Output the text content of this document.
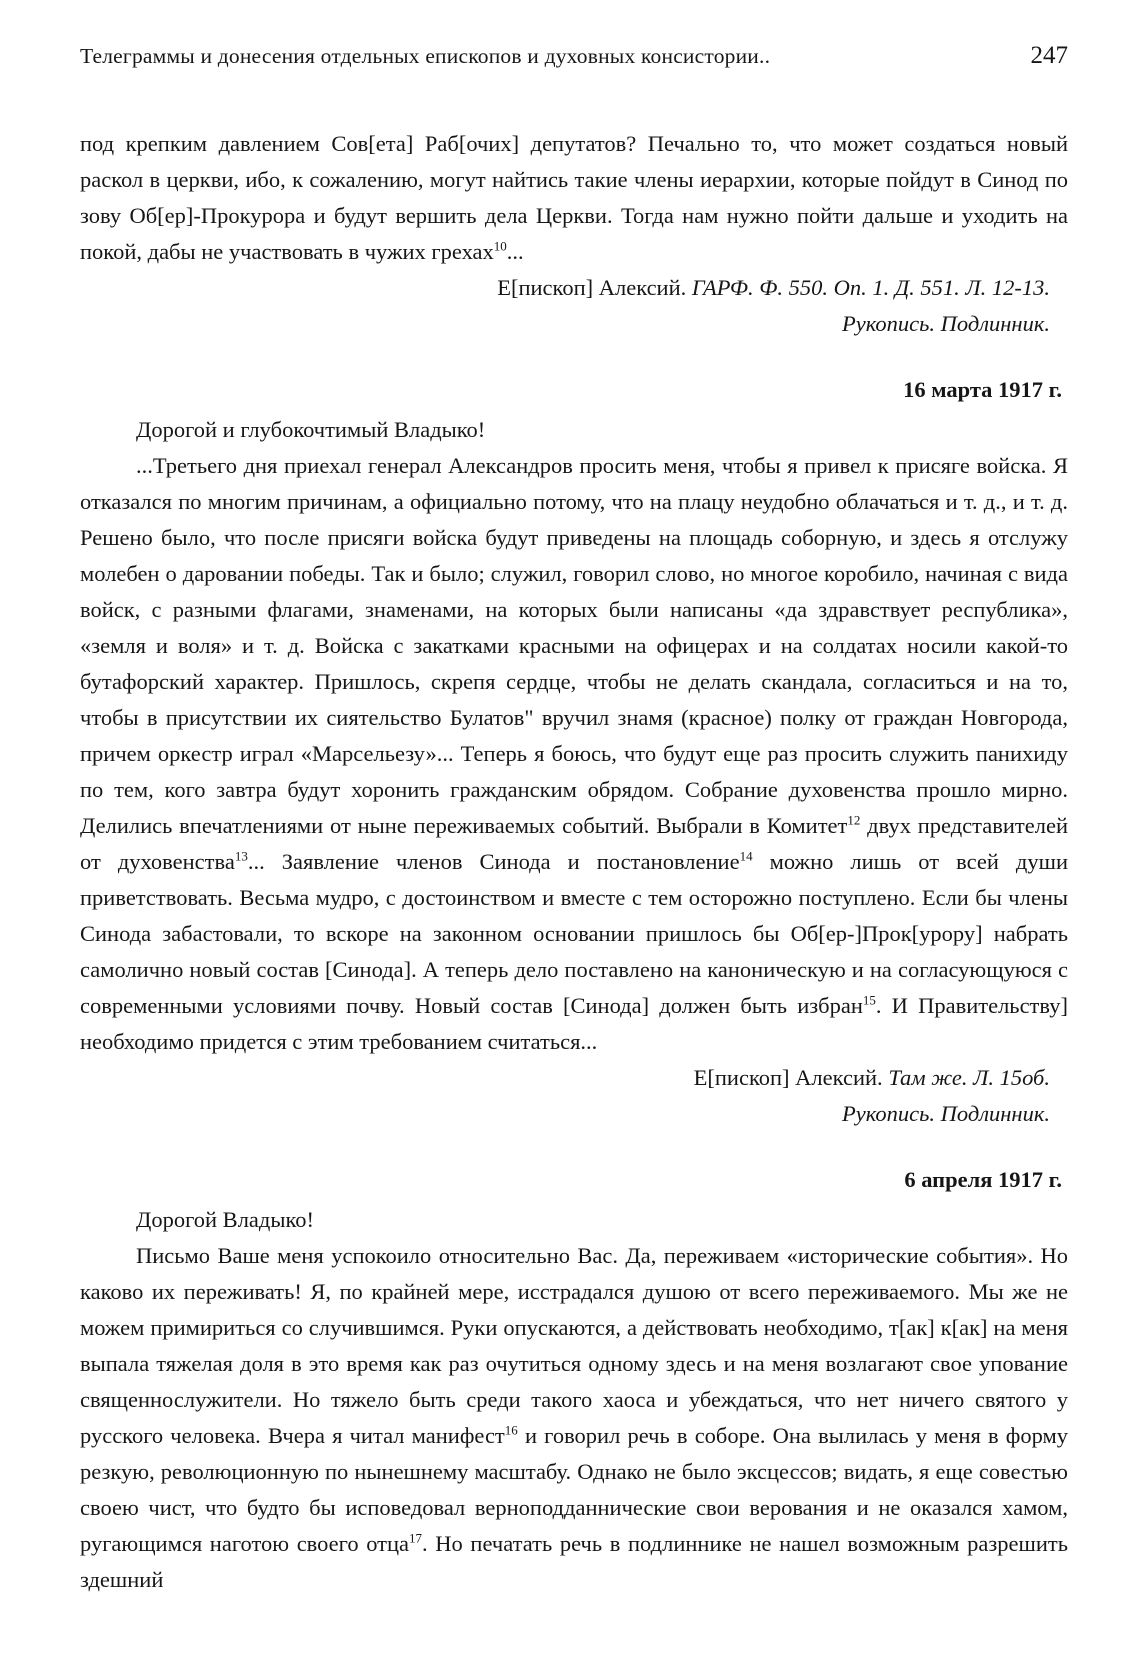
Телеграммы и донесения отдельных епископов и духовных консистории..	247

под крепким давлением Сов[ета] Раб[очих] депутатов? Печально то, что может создаться новый раскол в церкви, ибо, к сожалению, могут найтись такие члены иерархии, которые пойдут в Синод по зову Об[ер]-Прокурора и будут вершить дела Церкви. Тогда нам нужно пойти дальше и уходить на покой, дабы не участвовать в чужих грехах$^{10}$...

Е[пископ] Алексий. ГАРФ. Ф. 550. Оп. 1. Д. 551. Л. 12-13.
Рукопись. Подлинник.

16 марта 1917 г.

Дорогой и глубокочтимый Владыко!

...Третьего дня приехал генерал Александров просить меня, чтобы я привел к присяге войска. Я отказался по многим причинам, а официально потому, что на плацу неудобно облачаться и т. д., и т. д. Решено было, что после присяги войска будут приведены на площадь соборную, и здесь я отслужу молебен о даровании победы. Так и было; служил, говорил слово, но многое коробило, начиная с вида войск, с разными флагами, знаменами, на которых были написаны «да здравствует республика», «земля и воля» и т. д. Войска с закатками красными на офицерах и на солдатах носили какой-то бутафорский характер. Пришлось, скрепя сердце, чтобы не делать скандала, согласиться и на то, чтобы в присутствии их сиятельство Булатов" вручил знамя (красное) полку от граждан Новгорода, причем оркестр играл «Марсельезу»... Теперь я боюсь, что будут еще раз просить служить панихиду по тем, кого завтра будут хоронить гражданским обрядом. Собрание духовенства прошло мирно. Делились впечатлениями от ныне переживаемых событий. Выбрали в Комитет$^{12}$ двух представителей от духовенства$^{13}$... Заявление членов Синода и постановление$^{14}$ можно лишь от всей души приветствовать. Весьма мудро, с достоинством и вместе с тем осторожно поступлено. Если бы члены Синода забастовали, то вскоре на законном основании пришлось бы Об[ер-]Прок[урору] набрать самолично новый состав [Синода]. А теперь дело поставлено на каноническую и на согласующуюся с современными условиями почву. Новый состав [Синода] должен быть избран$^{15}$. И Правительству] необходимо придется с этим требованием считаться...

Е[пископ] Алексий. Там же. Л. 15об.
Рукопись. Подлинник.

6 апреля 1917 г.

Дорогой Владыко!

Письмо Ваше меня успокоило относительно Вас. Да, переживаем «исторические события». Но каково их переживать! Я, по крайней мере, исстрадался душою от всего переживаемого. Мы же не можем примириться со случившимся. Руки опускаются, а действовать необходимо, т[ак] к[ак] на меня выпала тяжелая доля в это время как раз очутиться одному здесь и на меня возлагают свое упование священнослужители. Но тяжело быть среди такого хаоса и убеждаться, что нет ничего святого у русского человека. Вчера я читал манифест$^{16}$ и говорил речь в соборе. Она вылилась у меня в форму резкую, революционную по нынешнему масштабу. Однако не было эксцессов; видать, я еще совестью своею чист, что будто бы исповедовал верноподданнические свои верования и не оказался хамом, ругающимся наготою своего отца$^{17}$. Но печатать речь в подлиннике не нашел возможным разрешить здешний
